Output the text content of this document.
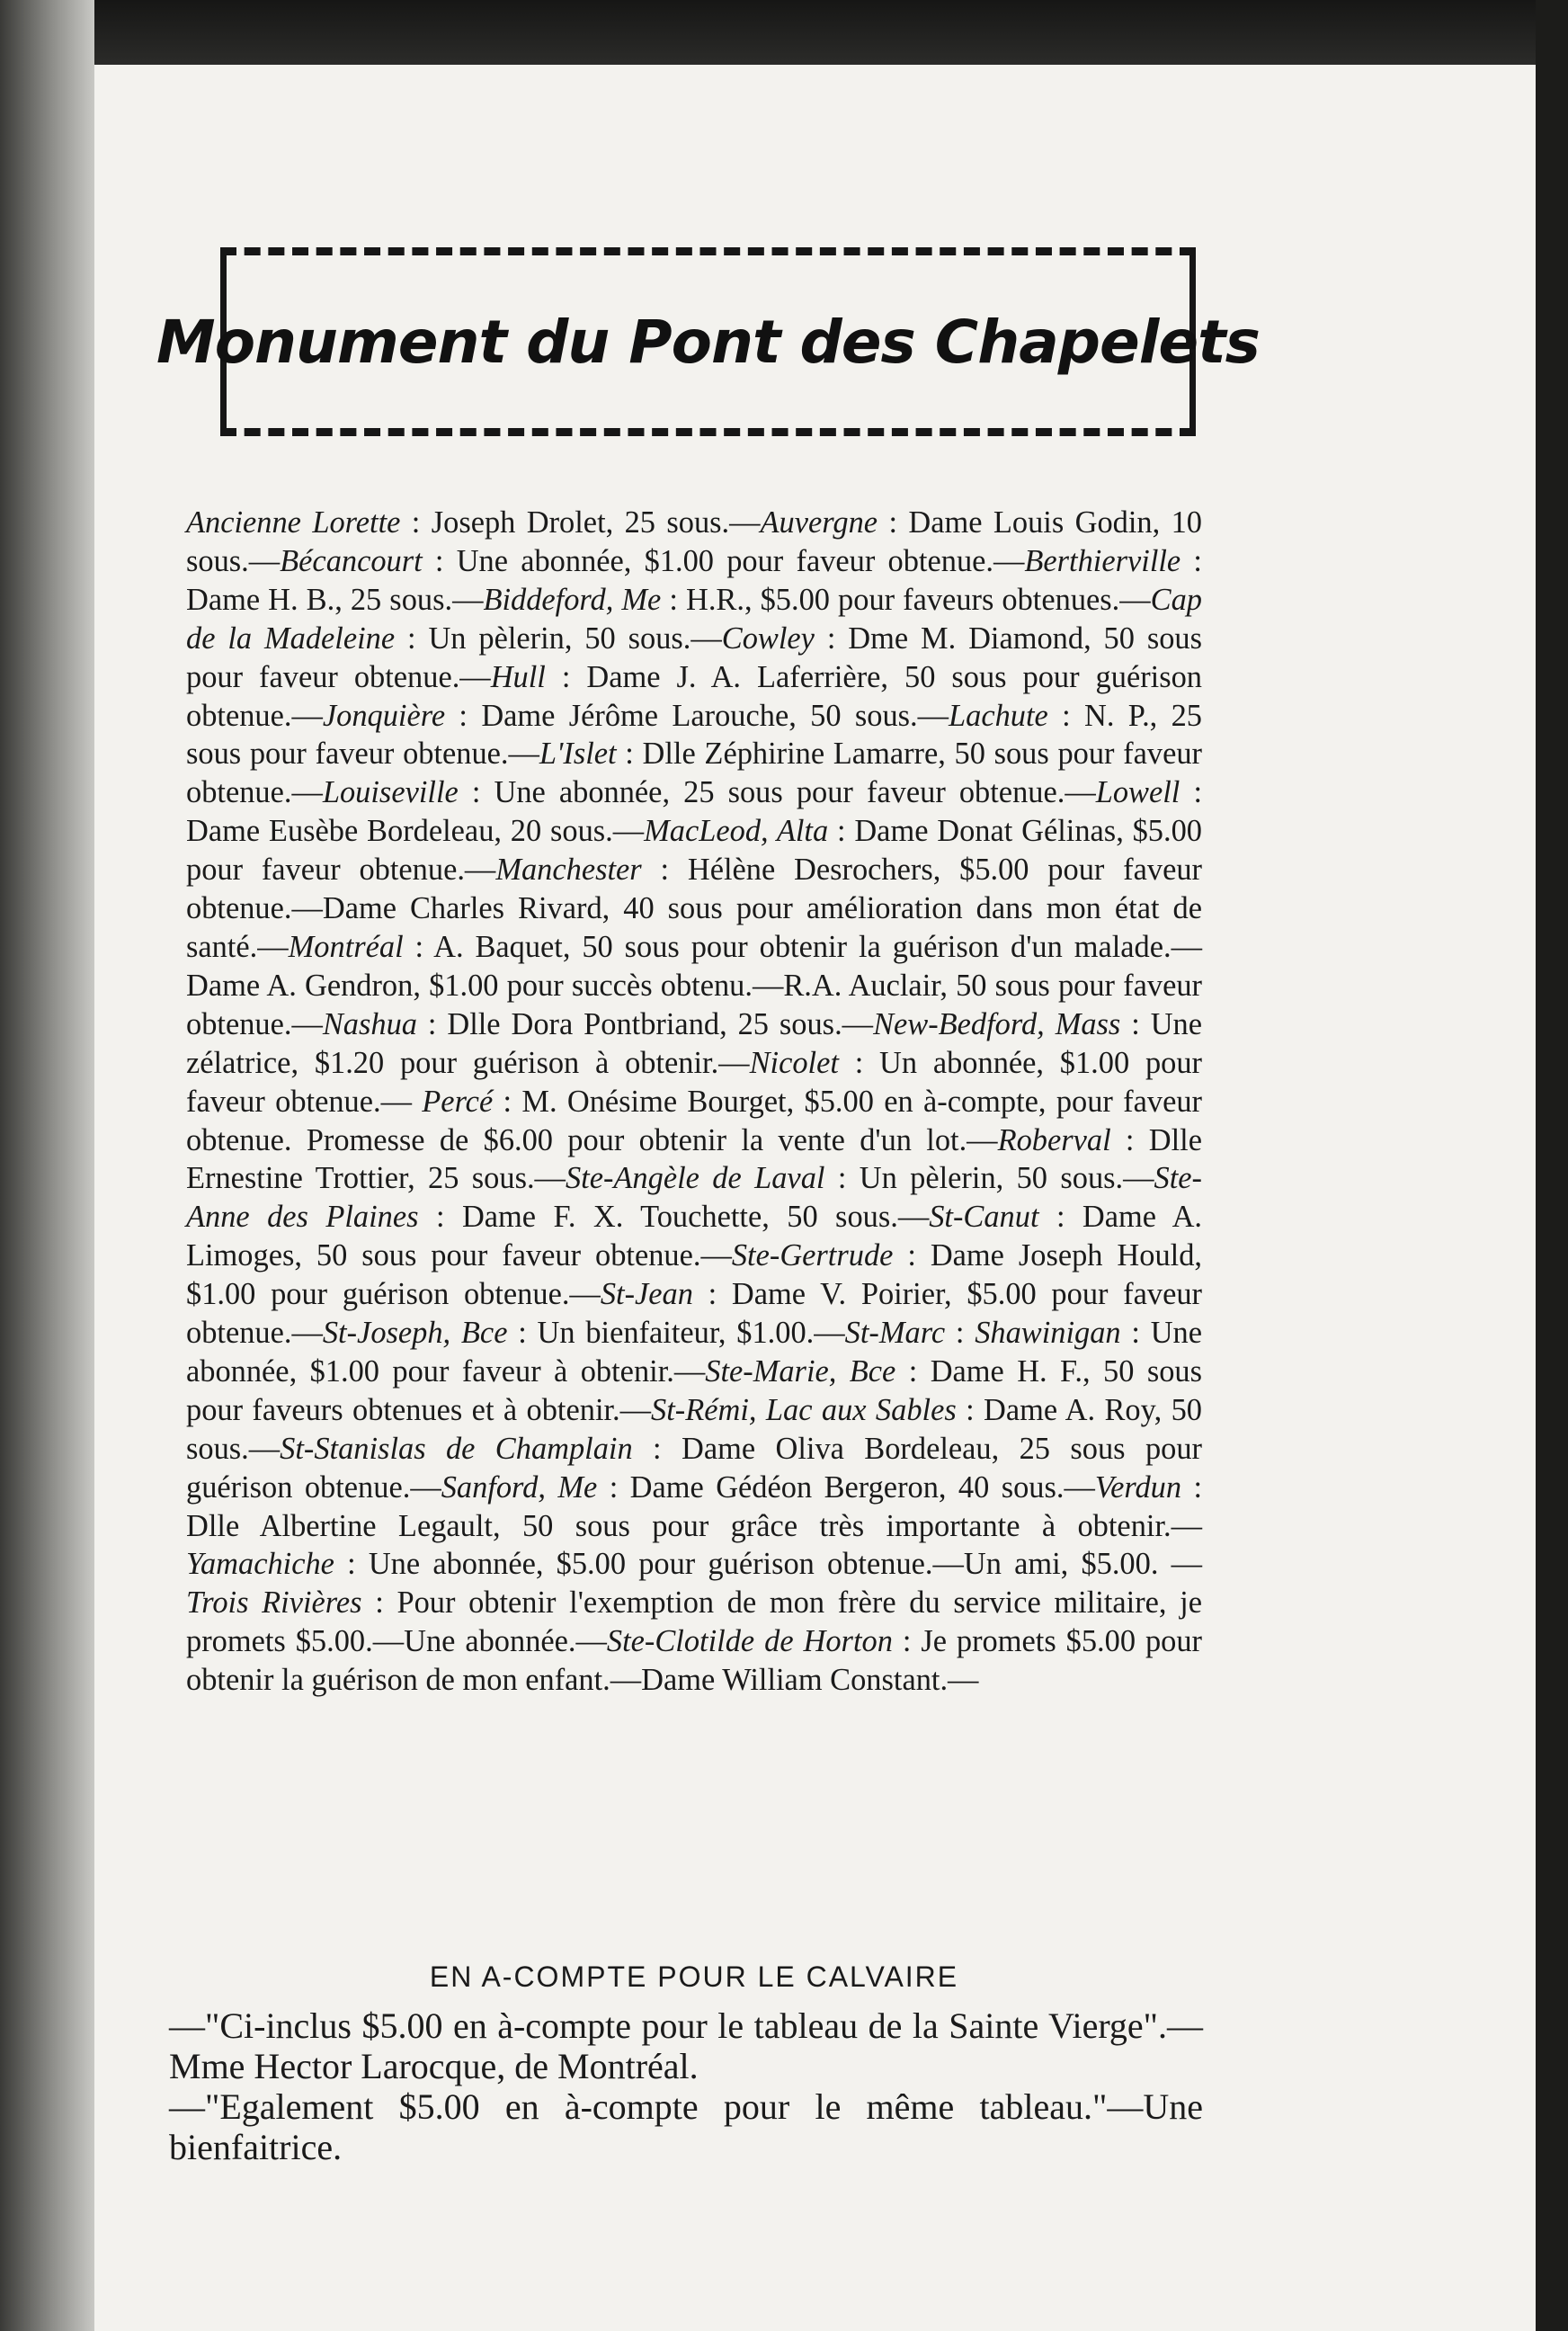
Monument du Pont des Chapelets

Ancienne Lorette : Joseph Drolet, 25 sous.—Auvergne : Dame Louis Godin, 10 sous.—Bécancourt : Une abonnée, $1.00 pour faveur obtenue.—Berthierville : Dame H. B., 25 sous.—Biddeford, Me : H.R., $5.00 pour faveurs obtenues.—Cap de la Madeleine : Un pèlerin, 50 sous.—Cowley : Dme M. Diamond, 50 sous pour faveur obtenue.—Hull : Dame J. A. Laferrière, 50 sous pour guérison obtenue.—Jonquière : Dame Jérôme Larouche, 50 sous.—Lachute : N. P., 25 sous pour faveur obtenue.—L'Islet : Dlle Zéphirine Lamarre, 50 sous pour faveur obtenue.—Louiseville : Une abonnée, 25 sous pour faveur obtenue.—Lowell : Dame Eusèbe Bordeleau, 20 sous.—MacLeod, Alta : Dame Donat Gélinas, $5.00 pour faveur obtenue.—Manchester : Hélène Desrochers, $5.00 pour faveur obtenue.—Dame Charles Rivard, 40 sous pour amélioration dans mon état de santé.—Montréal : A. Baquet, 50 sous pour obtenir la guérison d'un malade.—Dame A. Gendron, $1.00 pour succès obtenu.—R.A. Auclair, 50 sous pour faveur obtenue.—Nashua : Dlle Dora Pontbriand, 25 sous.—New-Bedford, Mass : Une zélatrice, $1.20 pour guérison à obtenir.—Nicolet : Un abonnée, $1.00 pour faveur obtenue.— Percé : M. Onésime Bourget, $5.00 en à-compte, pour faveur obtenue. Promesse de $6.00 pour obtenir la vente d'un lot.—Roberval : Dlle Ernestine Trottier, 25 sous.—Ste-Angèle de Laval : Un pèlerin, 50 sous.—Ste-Anne des Plaines : Dame F. X. Touchette, 50 sous.—St-Canut : Dame A. Limoges, 50 sous pour faveur obtenue.—Ste-Gertrude : Dame Joseph Hould, $1.00 pour guérison obtenue.—St-Jean : Dame V. Poirier, $5.00 pour faveur obtenue.—St-Joseph, Bce : Un bienfaiteur, $1.00.—St-Marc : Shawinigan : Une abonnée, $1.00 pour faveur à obtenir.—Ste-Marie, Bce : Dame H. F., 50 sous pour faveurs obtenues et à obtenir.—St-Rémi, Lac aux Sables : Dame A. Roy, 50 sous.—St-Stanislas de Champlain : Dame Oliva Bordeleau, 25 sous pour guérison obtenue.—Sanford, Me : Dame Gédéon Bergeron, 40 sous.—Verdun : Dlle Albertine Legault, 50 sous pour grâce très importante à obtenir.—Yamachiche : Une abonnée, $5.00 pour guérison obtenue.—Un ami, $5.00. —Trois Rivières : Pour obtenir l'exemption de mon frère du service militaire, je promets $5.00.—Une abonnée.—Ste-Clotilde de Horton : Je promets $5.00 pour obtenir la guérison de mon enfant.—Dame William Constant.—

EN A-COMPTE POUR LE CALVAIRE

—"Ci-inclus $5.00 en à-compte pour le tableau de la Sainte Vierge".—Mme Hector Larocque, de Montréal.

—"Egalement $5.00 en à-compte pour le même tableau."—Une bienfaitrice.
